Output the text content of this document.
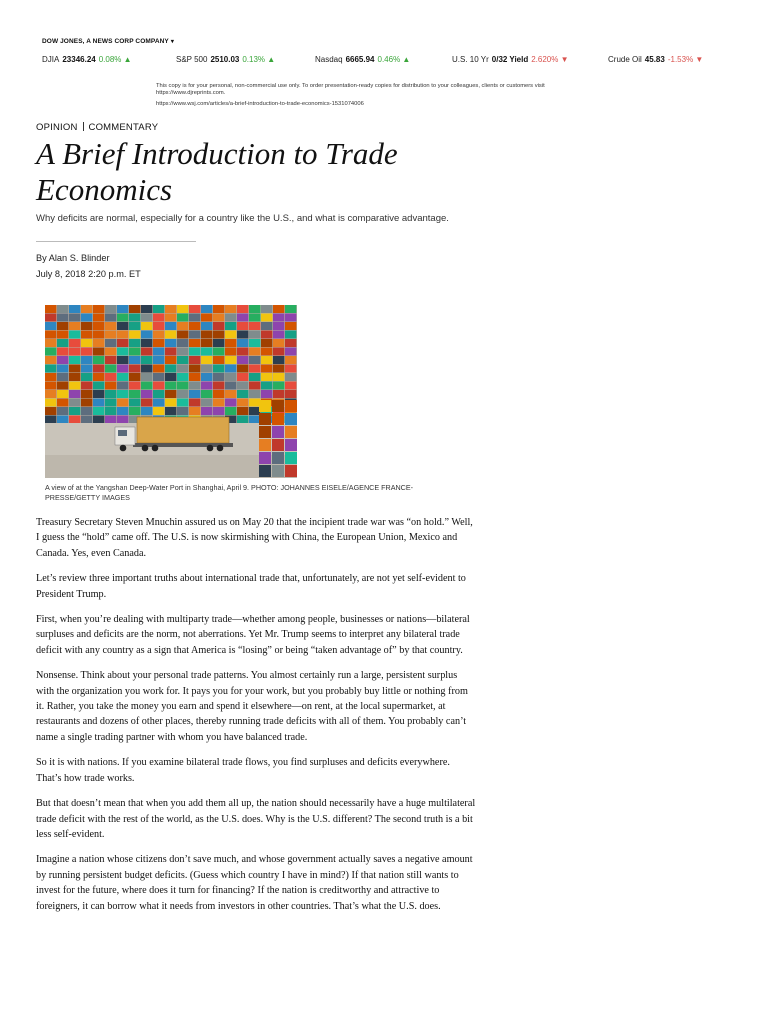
DOW JONES, A NEWS CORP COMPANY ▾
DJIA 23346.24 0.08% ▲	S&P 500 2510.03 0.13% ▲	Nasdaq 6665.94 0.46% ▲	U.S. 10 Yr 0/32 Yield 2.620% ▼	Crude Oil 45.83 -1.53% ▼
This copy is for your personal, non-commercial use only. To order presentation-ready copies for distribution to your colleagues, clients or customers visit https://www.djreprints.com.
https://www.wsj.com/articles/a-brief-introduction-to-trade-economics-1531074006
OPINION COMMENTARY
A Brief Introduction to Trade Economics
Why deficits are normal, especially for a country like the U.S., and what is comparative advantage.
By Alan S. Blinder
July 8, 2018 2:20 p.m. ET
A view of at the Yangshan Deep-Water Port in Shanghai, April 9. PHOTO: JOHANNES EISELE/AGENCE FRANCE-PRESSE/GETTY IMAGES

Treasury Secretary Steven Mnuchin assured us on May 20 that the incipient trade war was “on hold.” Well, I guess the “hold” came off. The U.S. is now skirmishing with China, the European Union, Mexico and Canada. Yes, even Canada.

Let’s review three important truths about international trade that, unfortunately, are not yet self-evident to President Trump.

First, when you’re dealing with multiparty trade—whether among people, businesses or nations—bilateral surpluses and deficits are the norm, not aberrations. Yet Mr. Trump seems to interpret any bilateral trade deficit with any country as a sign that America is “losing” or being “taken advantage of” by that country.

Nonsense. Think about your personal trade patterns. You almost certainly run a large, persistent surplus with the organization you work for. It pays you for your work, but you probably buy little or nothing from it. Rather, you take the money you earn and spend it elsewhere—on rent, at the local supermarket, at restaurants and dozens of other places, thereby running trade deficits with all of them. You probably can’t name a single trading partner with whom you have balanced trade.

So it is with nations. If you examine bilateral trade flows, you find surpluses and deficits everywhere. That’s how trade works.

But that doesn’t mean that when you add them all up, the nation should necessarily have a huge multilateral trade deficit with the rest of the world, as the U.S. does. Why is the U.S. different? The second truth is a bit less self-evident.

Imagine a nation whose citizens don’t save much, and whose government actually saves a negative amount by running persistent budget deficits. (Guess which country I have in mind?) If that nation still wants to invest for the future, where does it turn for financing? If the nation is creditworthy and attractive to foreigners, it can borrow what it needs from investors in other countries. That’s what the U.S. does.
